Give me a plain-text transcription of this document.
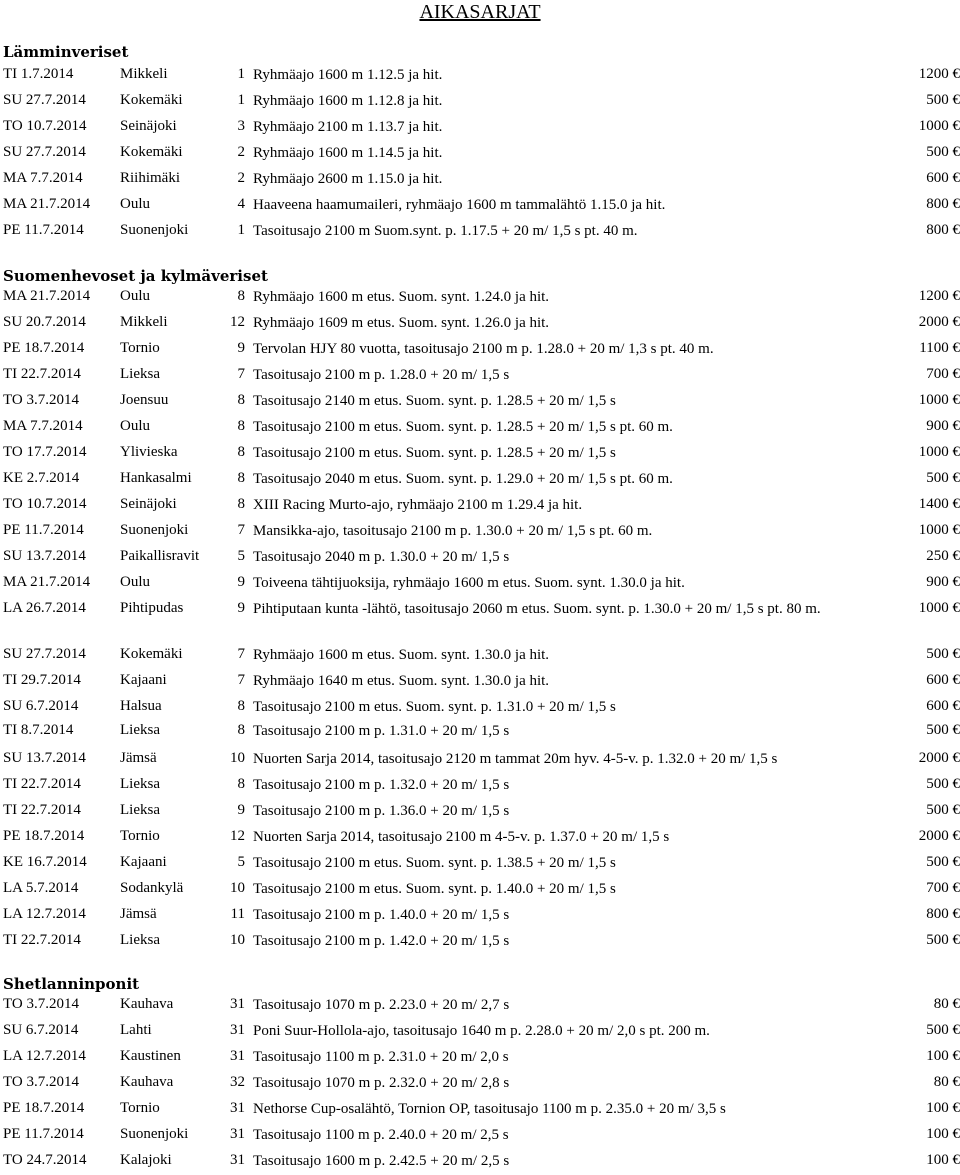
AIKASARJAT
Lämminveriset
TI 1.7.2014	Mikkeli	1 Ryhmäajo 1600 m 1.12.5 ja hit.	1200 €
SU 27.7.2014 Kokemäki	1 Ryhmäajo 1600 m 1.12.8 ja hit.	500 €
TO 10.7.2014 Seinäjoki	3 Ryhmäajo 2100 m 1.13.7 ja hit.	1000 €
SU 27.7.2014 Kokemäki	2 Ryhmäajo 1600 m 1.14.5 ja hit.	500 €
MA 7.7.2014 Riihimäki	2 Ryhmäajo 2600 m 1.15.0 ja hit.	600 €
MA 21.7.2014 Oulu	4 Haaveena haamumaileri, ryhmäajo 1600 m tammalähtö 1.15.0 ja hit.	800 €
PE 11.7.2014 Suonenjoki	1 Tasoitusajo 2100 m Suom.synt. p. 1.17.5 + 20 m/ 1,5 s pt. 40 m.	800 €
Suomenhevoset ja kylmäveriset
MA 21.7.2014 Oulu	8 Ryhmäajo 1600 m etus. Suom. synt. 1.24.0 ja hit.	1200 €
SU 20.7.2014 Mikkeli	12 Ryhmäajo 1609 m etus. Suom. synt. 1.26.0 ja hit.	2000 €
PE 18.7.2014 Tornio	9 Tervolan HJY 80 vuotta, tasoitusajo 2100 m p. 1.28.0 + 20 m/ 1,3 s pt. 40 m.	1100 €
TI 22.7.2014	Lieksa	7 Tasoitusajo 2100 m p. 1.28.0 + 20 m/ 1,5 s	700 €
TO 3.7.2014	Joensuu	8 Tasoitusajo 2140 m etus. Suom. synt. p. 1.28.5 + 20 m/ 1,5 s	1000 €
MA 7.7.2014 Oulu	8 Tasoitusajo 2100 m etus. Suom. synt. p. 1.28.5 + 20 m/ 1,5 s pt. 60 m.	900 €
TO 17.7.2014 Ylivieska	8 Tasoitusajo 2100 m etus. Suom. synt. p. 1.28.5 + 20 m/ 1,5 s	1000 €
KE 2.7.2014	Hankasalmi	8 Tasoitusajo 2040 m etus. Suom. synt. p. 1.29.0 + 20 m/ 1,5 s pt. 60 m.	500 €
TO 10.7.2014 Seinäjoki	8 XIII Racing Murto-ajo, ryhmäajo 2100 m 1.29.4 ja hit.	1400 €
PE 11.7.2014 Suonenjoki	7 Mansikka-ajo, tasoitusajo 2100 m p. 1.30.0 + 20 m/ 1,5 s pt. 60 m.	1000 €
SU 13.7.2014 Paikallisravit	5 Tasoitusajo 2040 m p. 1.30.0 + 20 m/ 1,5 s	250 €
MA 21.7.2014 Oulu	9 Toiveena tähtijuoksija, ryhmäajo 1600 m etus. Suom. synt. 1.30.0 ja hit.	900 €
LA 26.7.2014 Pihtipudas	9 Pihtiputaan kunta -lähtö, tasoitusajo 2060 m etus. Suom. synt. p. 1.30.0 + 20 m/ 1,5 s pt. 80 m.	1000 €
SU 27.7.2014 Kokemäki	7 Ryhmäajo 1600 m etus. Suom. synt. 1.30.0 ja hit.	500 €
TI 29.7.2014	Kajaani	7 Ryhmäajo 1640 m etus. Suom. synt. 1.30.0 ja hit.	600 €
SU 6.7.2014	Halsua	8 Tasoitusajo 2100 m etus. Suom. synt. p. 1.31.0 + 20 m/ 1,5 s	600 €
TI 8.7.2014	Lieksa	8 Tasoitusajo 2100 m p. 1.31.0 + 20 m/ 1,5 s	500 €
SU 13.7.2014 Jämsä	10 Nuorten Sarja 2014, tasoitusajo 2120 m tammat 20m hyv. 4-5-v. p. 1.32.0 + 20 m/ 1,5 s	2000 €
TI 22.7.2014	Lieksa	8 Tasoitusajo 2100 m p. 1.32.0 + 20 m/ 1,5 s	500 €
TI 22.7.2014	Lieksa	9 Tasoitusajo 2100 m p. 1.36.0 + 20 m/ 1,5 s	500 €
PE 18.7.2014 Tornio	12 Nuorten Sarja 2014, tasoitusajo 2100 m 4-5-v. p. 1.37.0 + 20 m/ 1,5 s	2000 €
KE 16.7.2014 Kajaani	5 Tasoitusajo 2100 m etus. Suom. synt. p. 1.38.5 + 20 m/ 1,5 s	500 €
LA 5.7.2014	Sodankylä	10 Tasoitusajo 2100 m etus. Suom. synt. p. 1.40.0 + 20 m/ 1,5 s	700 €
LA 12.7.2014 Jämsä	11 Tasoitusajo 2100 m p. 1.40.0 + 20 m/ 1,5 s	800 €
TI 22.7.2014	Lieksa	10 Tasoitusajo 2100 m p. 1.42.0 + 20 m/ 1,5 s	500 €
Shetlanninponit
TO 3.7.2014	Kauhava	31 Tasoitusajo 1070 m p. 2.23.0 + 20 m/ 2,7 s	80 €
SU 6.7.2014	Lahti	31 Poni Suur-Hollola-ajo, tasoitusajo 1640 m p. 2.28.0 + 20 m/ 2,0 s pt. 200 m.	500 €
LA 12.7.2014 Kaustinen	31 Tasoitusajo 1100 m p. 2.31.0 + 20 m/ 2,0 s	100 €
TO 3.7.2014	Kauhava	32 Tasoitusajo 1070 m p. 2.32.0 + 20 m/ 2,8 s	80 €
PE 18.7.2014 Tornio	31 Nethorse Cup-osalähtö, Tornion OP, tasoitusajo 1100 m p. 2.35.0 + 20 m/ 3,5 s	100 €
PE 11.7.2014 Suonenjoki	31 Tasoitusajo 1100 m p. 2.40.0 + 20 m/ 2,5 s	100 €
TO 24.7.2014 Kalajoki	31 Tasoitusajo 1600 m p. 2.42.5 + 20 m/ 2,5 s	100 €
